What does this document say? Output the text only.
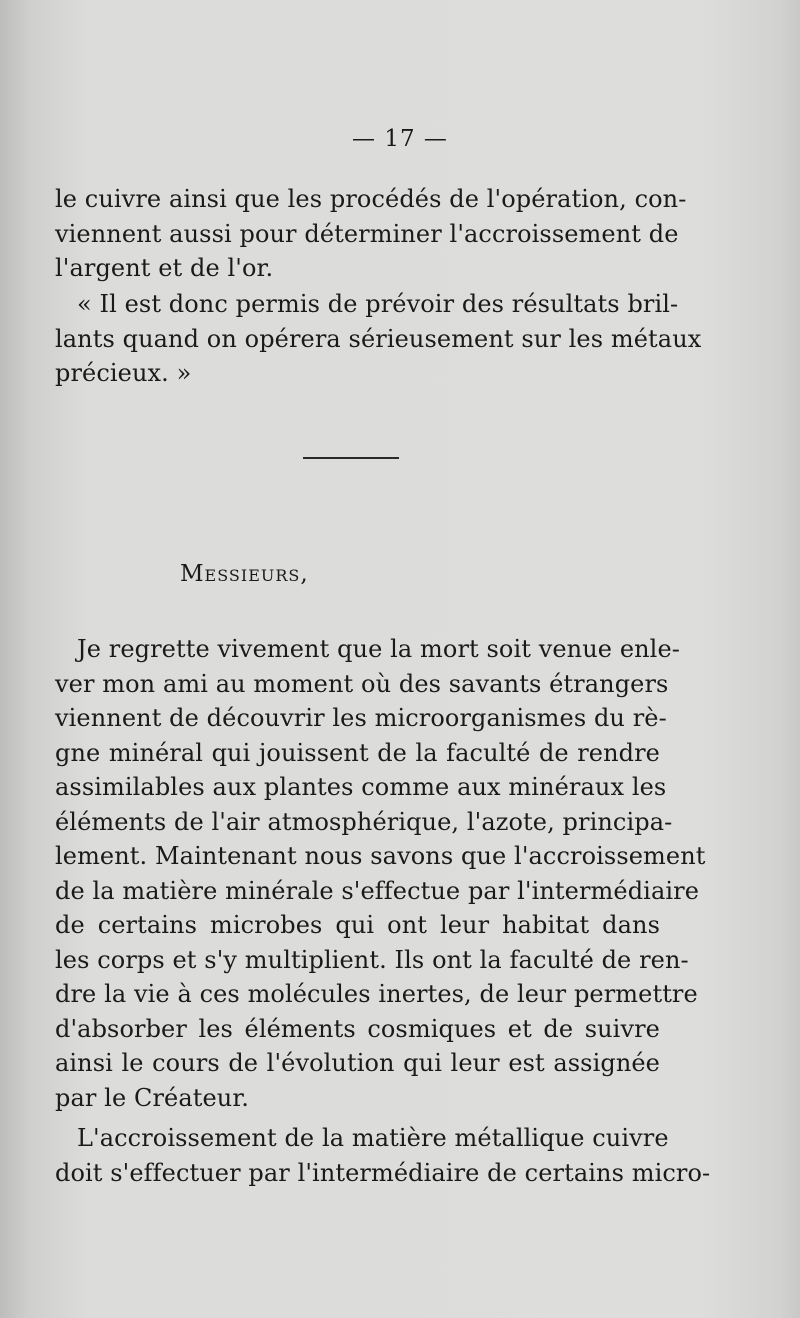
— 17 —
le cuivre ainsi que les procédés de l'opération, con-
viennent aussi pour déterminer l'accroissement de
l'argent et de l'or.
« Il est donc permis de prévoir des résultats bril-
lants quand on opérera sérieusement sur les métaux
précieux. »
Messieurs,
Je regrette vivement que la mort soit venue enle-
ver mon ami au moment où des savants étrangers
viennent de découvrir les microorganismes du rè-
gne minéral qui jouissent de la faculté de rendre
assimilables aux plantes comme aux minéraux les
éléments de l'air atmosphérique, l'azote, principa-
lement. Maintenant nous savons que l'accroissement
de la matière minérale s'effectue par l'intermédiaire
de certains microbes qui ont leur habitat dans
les corps et s'y multiplient. Ils ont la faculté de ren-
dre la vie à ces molécules inertes, de leur permettre
d'absorber les éléments cosmiques et de suivre
ainsi le cours de l'évolution qui leur est assignée
par le Créateur.
L'accroissement de la matière métallique cuivre
doit s'effectuer par l'intermédiaire de certains micro-
